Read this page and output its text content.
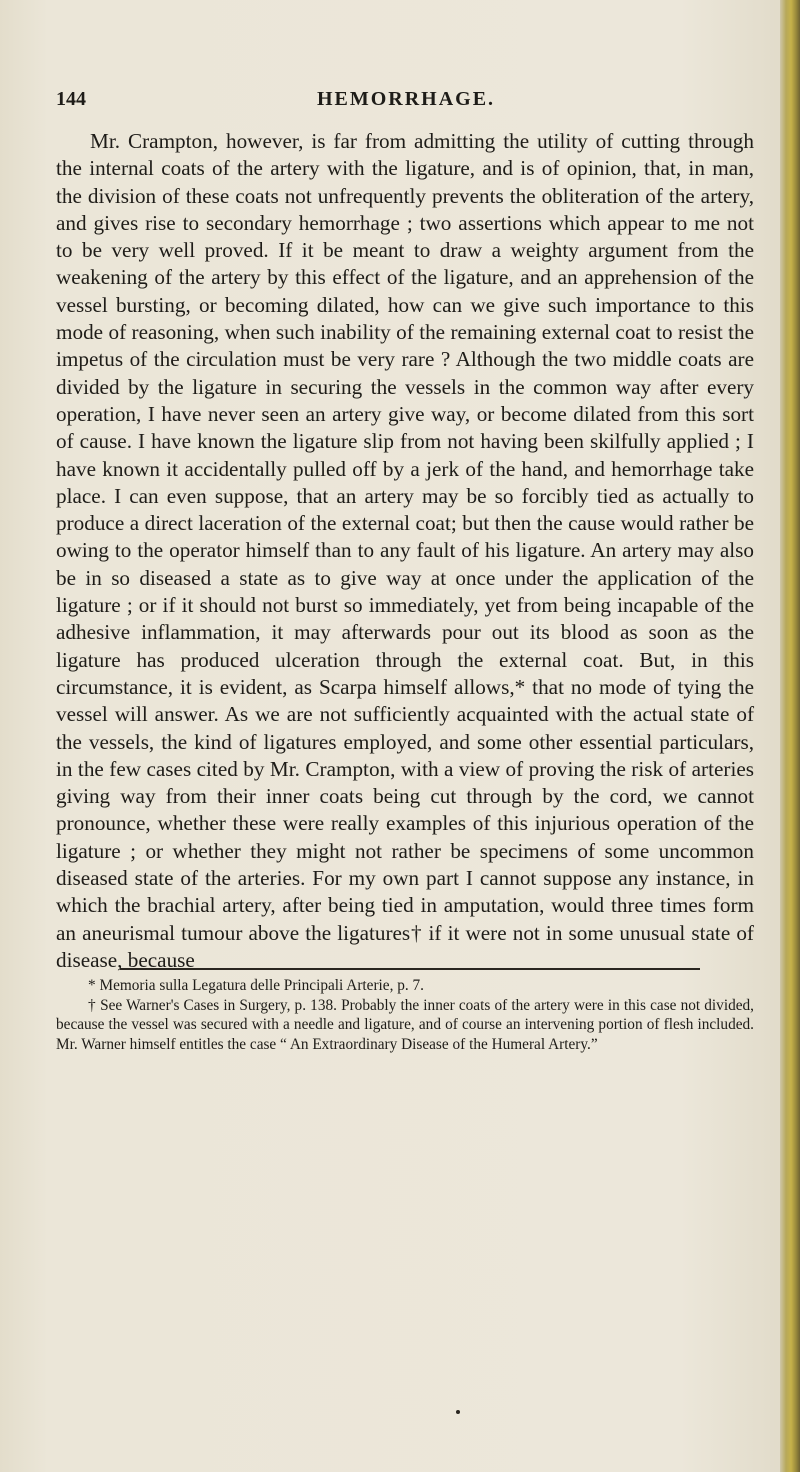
144	HEMORRHAGE.

Mr. Crampton, however, is far from admitting the utility of cutting through the internal coats of the artery with the ligature, and is of opinion, that, in man, the division of these coats not unfrequently prevents the obliteration of the artery, and gives rise to secondary hemorrhage ; two assertions which appear to me not to be very well proved. If it be meant to draw a weighty argument from the weakening of the artery by this effect of the ligature, and an apprehension of the vessel bursting, or becoming dilated, how can we give such importance to this mode of reasoning, when such inability of the remaining external coat to resist the impetus of the circulation must be very rare ? Although the two middle coats are divided by the ligature in securing the vessels in the common way after every operation, I have never seen an artery give way, or become dilated from this sort of cause. I have known the ligature slip from not having been skilfully applied ; I have known it accidentally pulled off by a jerk of the hand, and hemorrhage take place. I can even suppose, that an artery may be so forcibly tied as actually to produce a direct laceration of the external coat; but then the cause would rather be owing to the operator himself than to any fault of his ligature. An artery may also be in so diseased a state as to give way at once under the application of the ligature ; or if it should not burst so immediately, yet from being incapable of the adhesive inflammation, it may afterwards pour out its blood as soon as the ligature has produced ulceration through the external coat. But, in this circumstance, it is evident, as Scarpa himself allows,* that no mode of tying the vessel will answer. As we are not sufficiently acquainted with the actual state of the vessels, the kind of ligatures employed, and some other essential particulars, in the few cases cited by Mr. Crampton, with a view of proving the risk of arteries giving way from their inner coats being cut through by the cord, we cannot pronounce, whether these were really examples of this injurious operation of the ligature ; or whether they might not rather be specimens of some uncommon diseased state of the arteries. For my own part I cannot suppose any instance, in which the brachial artery, after being tied in amputation, would three times form an aneurismal tumour above the ligatures† if it were not in some unusual state of disease, because

* Memoria sulla Legatura delle Principali Arterie, p. 7.

† See Warner's Cases in Surgery, p. 138. Probably the inner coats of the artery were in this case not divided, because the vessel was secured with a needle and ligature, and of course an intervening portion of flesh included. Mr. Warner himself entitles the case “ An Extraordinary Disease of the Humeral Artery.”
